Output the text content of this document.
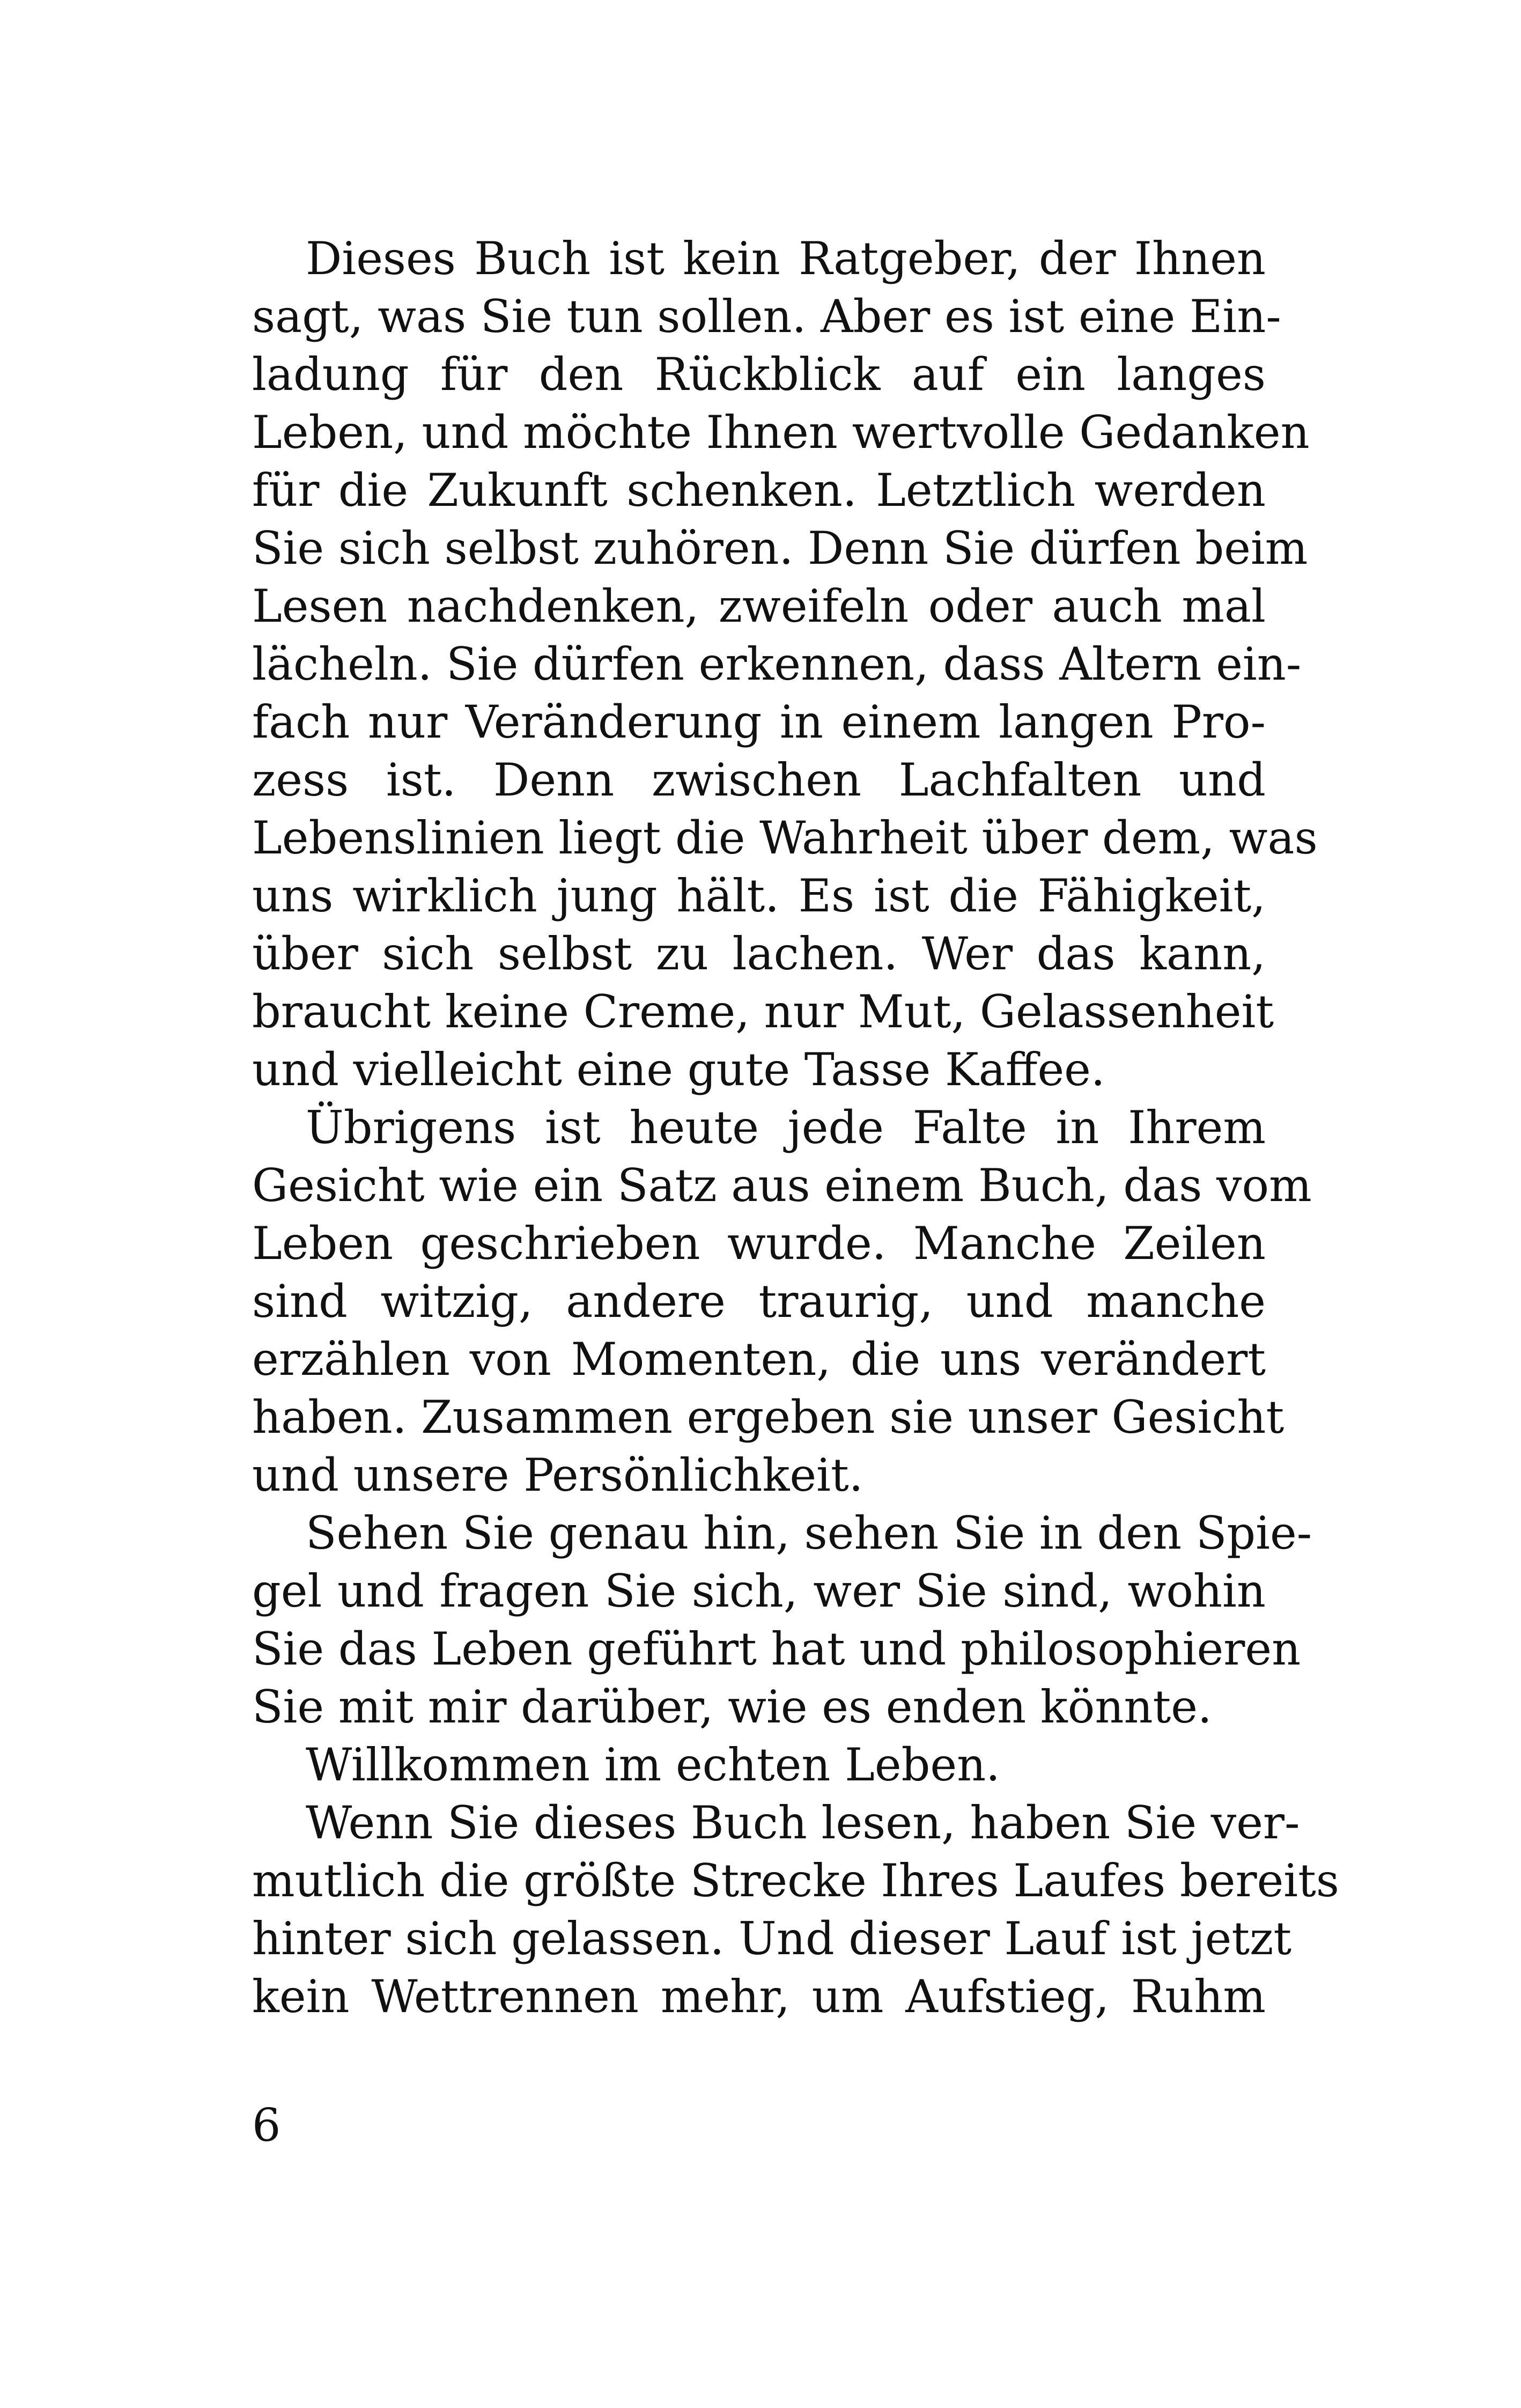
Dieses Buch ist kein Ratgeber, der Ihnen
sagt, was Sie tun sollen. Aber es ist eine Ein-
ladung für den Rückblick auf ein langes
Leben, und möchte Ihnen wertvolle Gedanken
für die Zukunft schenken. Letztlich werden
Sie sich selbst zuhören. Denn Sie dürfen beim
Lesen nachdenken, zweifeln oder auch mal
lächeln. Sie dürfen erkennen, dass Altern ein-
fach nur Veränderung in einem langen Pro-
zess ist. Denn zwischen Lachfalten und
Lebenslinien liegt die Wahrheit über dem, was
uns wirklich jung hält. Es ist die Fähigkeit,
über sich selbst zu lachen. Wer das kann,
braucht keine Creme, nur Mut, Gelassenheit
und vielleicht eine gute Tasse Kaffee.
Übrigens ist heute jede Falte in Ihrem
Gesicht wie ein Satz aus einem Buch, das vom
Leben geschrieben wurde. Manche Zeilen
sind witzig, andere traurig, und manche
erzählen von Momenten, die uns verändert
haben. Zusammen ergeben sie unser Gesicht
und unsere Persönlichkeit.
Sehen Sie genau hin, sehen Sie in den Spie-
gel und fragen Sie sich, wer Sie sind, wohin
Sie das Leben geführt hat und philosophieren
Sie mit mir darüber, wie es enden könnte.
Willkommen im echten Leben.
Wenn Sie dieses Buch lesen, haben Sie ver-
mutlich die größte Strecke Ihres Laufes bereits
hinter sich gelassen. Und dieser Lauf ist jetzt
kein Wettrennen mehr, um Aufstieg, Ruhm
6
